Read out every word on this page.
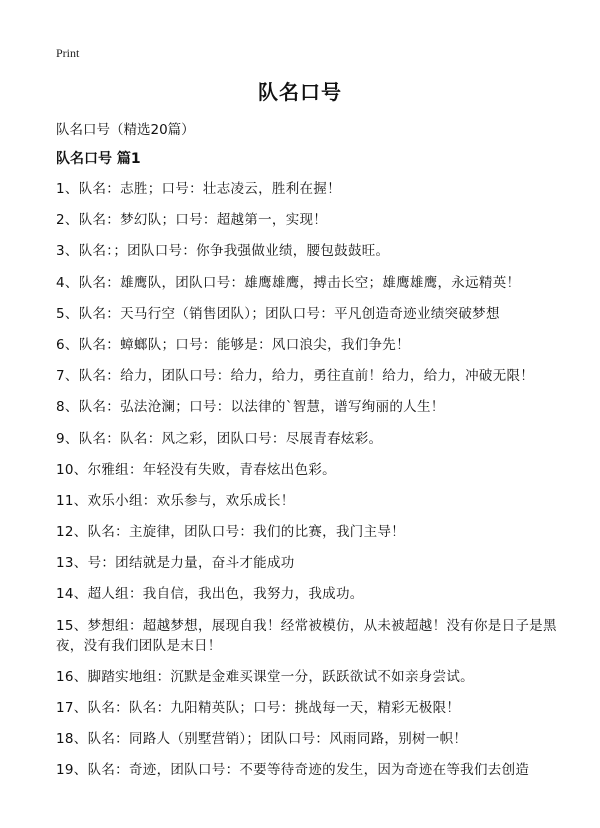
Print
队名口号
队名口号（精选20篇）
队名口号 篇1
1、队名：志胜；口号：壮志凌云，胜利在握！
2、队名：梦幻队；口号：超越第一，实现！
3、队名：；团队口号：你争我强做业绩，腰包鼓鼓旺。
4、队名：雄鹰队，团队口号：雄鹰雄鹰，搏击长空；雄鹰雄鹰，永远精英！
5、队名：天马行空（销售团队）；团队口号：平凡创造奇迹业绩突破梦想
6、队名：蟑螂队；口号：能够是：风口浪尖，我们争先！
7、队名：给力，团队口号：给力，给力，勇往直前！给力，给力，冲破无限！
8、队名：弘法沧澜；口号：以法律的`智慧，谱写绚丽的人生！
9、队名：队名：风之彩，团队口号：尽展青春炫彩。
10、尔雅组：年轻没有失败，青春炫出色彩。
11、欢乐小组：欢乐参与，欢乐成长！
12、队名：主旋律，团队口号：我们的比赛，我门主导！
13、号：团结就是力量，奋斗才能成功
14、超人组：我自信，我出色，我努力，我成功。
15、梦想组：超越梦想，展现自我！经常被模仿，从未被超越！没有你是日子是黑夜，没有我们团队是末日！
16、脚踏实地组：沉默是金难买课堂一分，跃跃欲试不如亲身尝试。
17、队名：队名：九阳精英队；口号：挑战每一天，精彩无极限！
18、队名：同路人（别墅营销）；团队口号：风雨同路，别树一帜！
19、队名：奇迹，团队口号：不要等待奇迹的发生，因为奇迹在等我们去创造
